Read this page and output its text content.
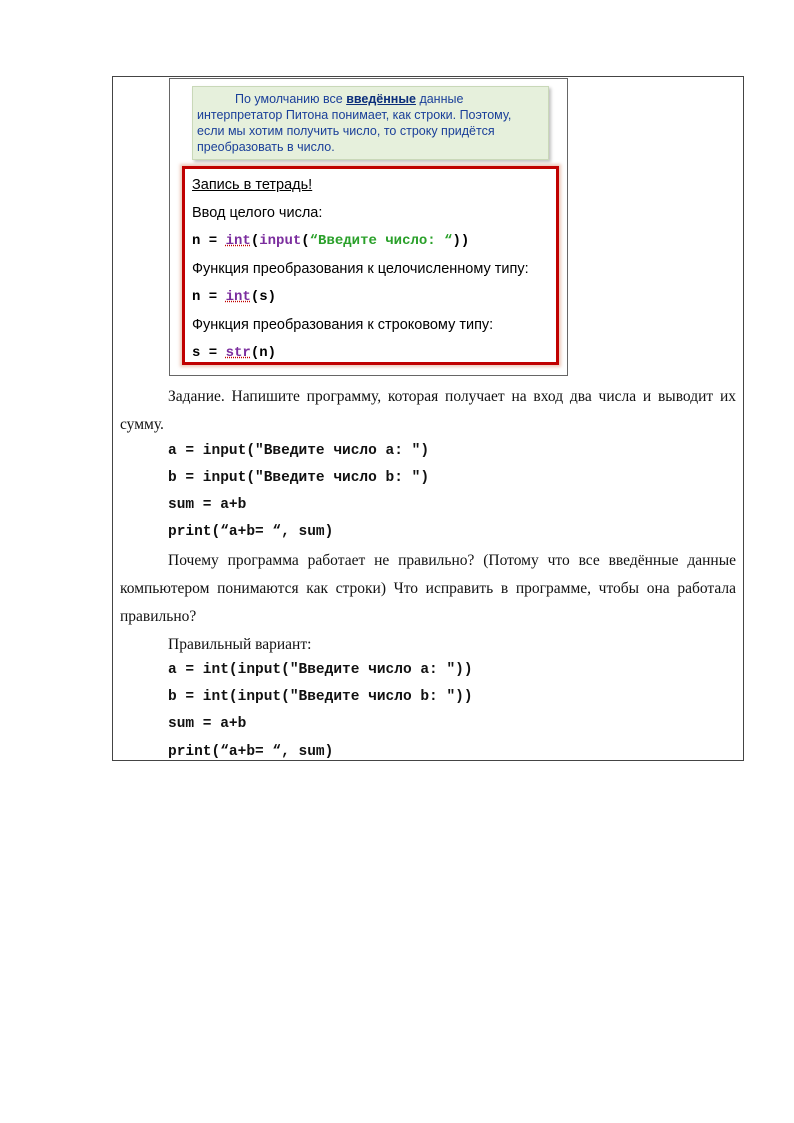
По умолчанию все введённые данные
интерпретатор Питона понимает, как строки. Поэтому,
если мы хотим получить число, то строку придётся
преобразовать в число.
Запись в тетрадь!
Ввод целого числа:
n = int(input(“Введите число: “))
Функция преобразования к целочисленному типу:
n = int(s)
Функция преобразования к строковому типу:
s = str(n)
Задание. Напишите программу, которая получает на вход два числа и выводит их
сумму.
a = input("Введите число a: ")
b = input("Введите число b: ")
sum = a+b
print(“a+b= “, sum)
Почему программа работает не правильно? (Потому что все введённые данные
компьютером понимаются как строки) Что исправить в программе, чтобы она работала
правильно?
Правильный вариант:
a = int(input("Введите число a: "))
b = int(input("Введите число b: "))
sum = a+b
print(“a+b= “, sum)
